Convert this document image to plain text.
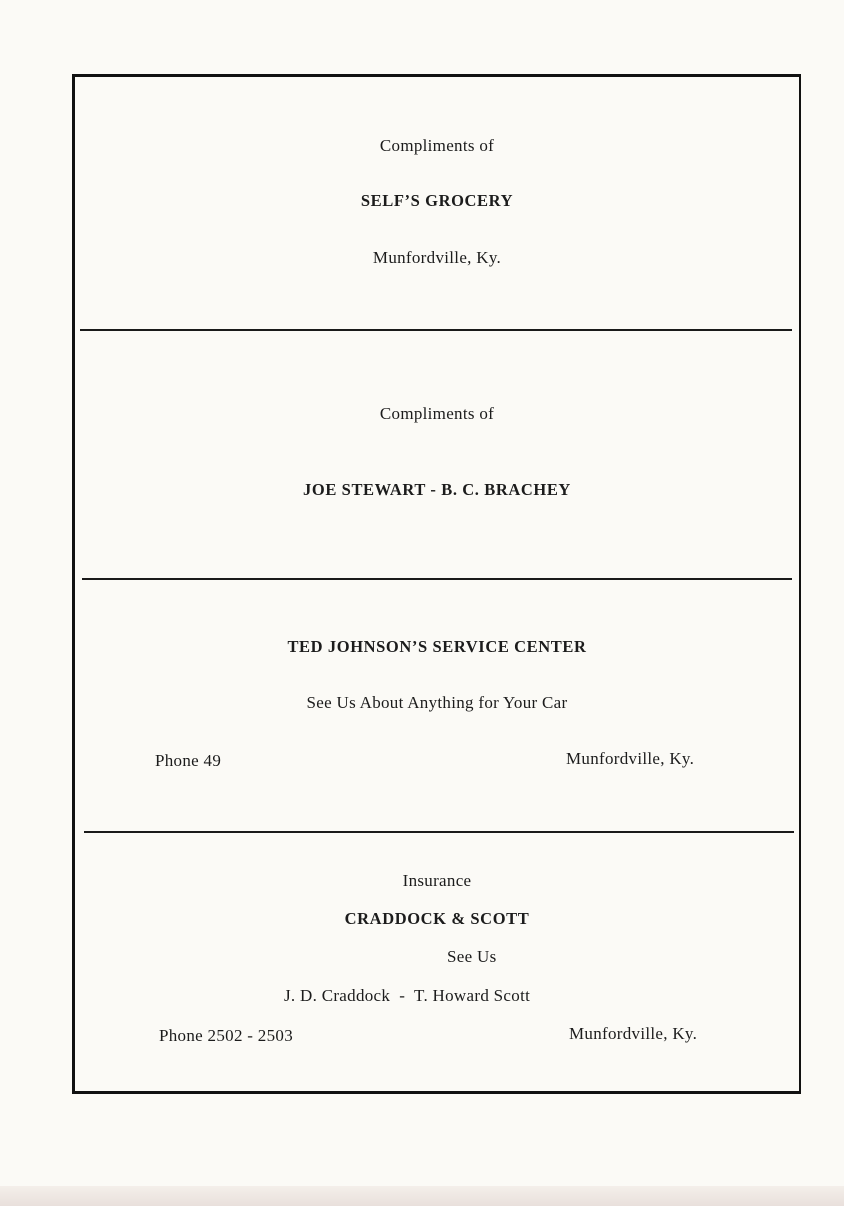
Compliments of
SELF’S GROCERY
Munfordville, Ky.
Compliments of
JOE STEWART - B. C. BRACHEY
TED JOHNSON’S SERVICE CENTER
See Us About Anything for Your Car
Phone 49	Munfordville, Ky.
Insurance
CRADDOCK & SCOTT
See Us
J. D. Craddock  -  T. Howard Scott
Phone 2502 - 2503	Munfordville, Ky.
